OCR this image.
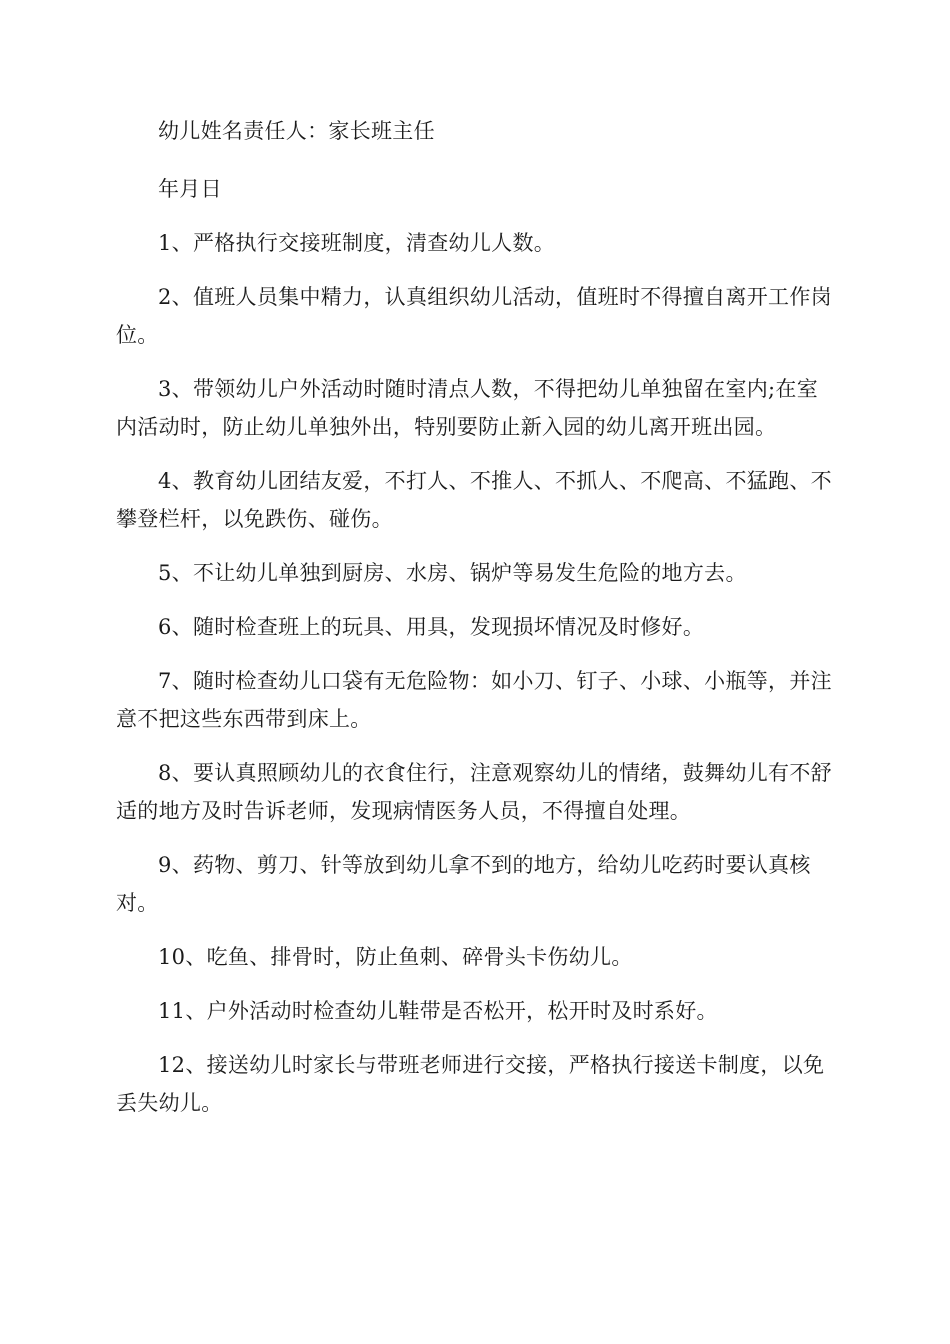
幼儿姓名责任人：家长班主任

年月日

1、严格执行交接班制度，清查幼儿人数。

2、值班人员集中精力，认真组织幼儿活动，值班时不得擅自离开工作岗位。

3、带领幼儿户外活动时随时清点人数，不得把幼儿单独留在室内;在室内活动时，防止幼儿单独外出，特别要防止新入园的幼儿离开班出园。

4、教育幼儿团结友爱，不打人、不推人、不抓人、不爬高、不猛跑、不攀登栏杆，以免跌伤、碰伤。

5、不让幼儿单独到厨房、水房、锅炉等易发生危险的地方去。

6、随时检查班上的玩具、用具，发现损坏情况及时修好。

7、随时检查幼儿口袋有无危险物：如小刀、钉子、小球、小瓶等，并注意不把这些东西带到床上。

8、要认真照顾幼儿的衣食住行，注意观察幼儿的情绪，鼓舞幼儿有不舒适的地方及时告诉老师，发现病情医务人员，不得擅自处理。

9、药物、剪刀、针等放到幼儿拿不到的地方，给幼儿吃药时要认真核对。

10、吃鱼、排骨时，防止鱼刺、碎骨头卡伤幼儿。

11、户外活动时检查幼儿鞋带是否松开，松开时及时系好。

12、接送幼儿时家长与带班老师进行交接，严格执行接送卡制度，以免丢失幼儿。
